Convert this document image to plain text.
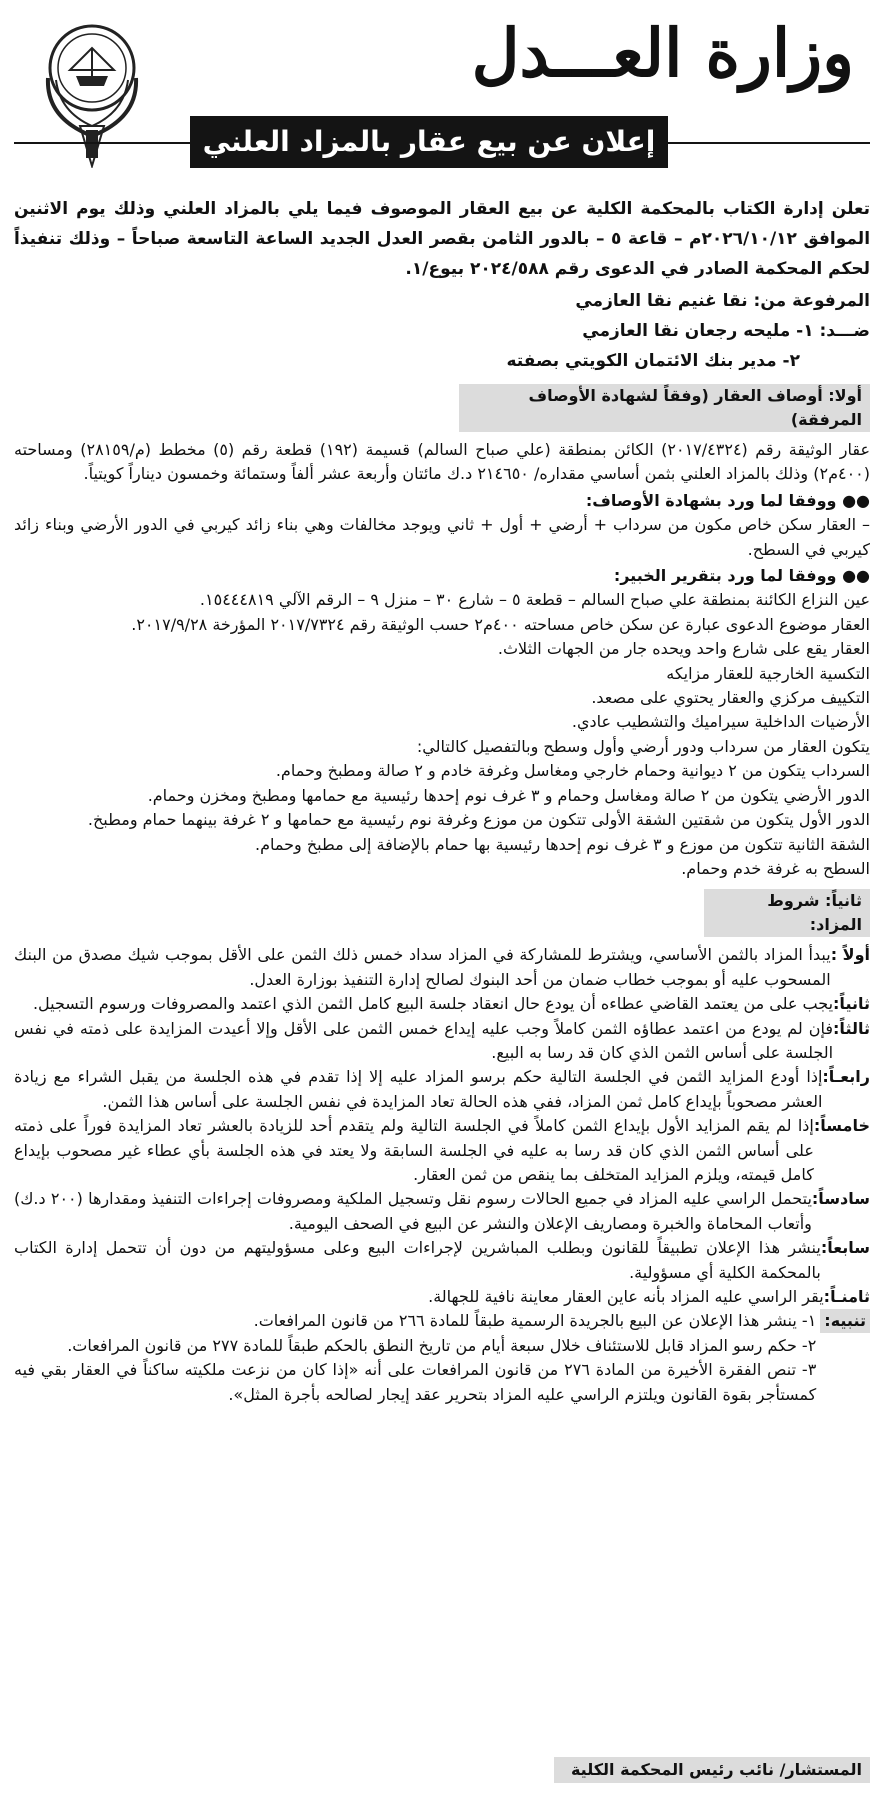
وزارة العـــدل
إعلان عن بيع عقار بالمزاد العلني
تعلن إدارة الكتاب بالمحكمة الكلية عن بيع العقار الموصوف فيما يلي بالمزاد العلني وذلك يوم الاثنين الموافق ٢٠٢٦/١٠/١٢م – قاعة ٥ – بالدور الثامن بقصر العدل الجديد الساعة التاسعة صباحاً – وذلك تنفيذاً لحكم المحكمة الصادر في الدعوى رقم ٢٠٢٤/٥٨٨ بيوع/١.
المرفوعة من: نقا غنيم نقا العازمي
ضـــد: ١- مليحه رجعان نقا العازمي
٢- مدير بنك الائتمان الكويتي بصفته
أولا: أوصاف العقار (وفقاً لشهادة الأوصاف المرفقة)

عقار الوثيقة رقم (٢٠١٧/٤٣٢٤) الكائن بمنطقة (علي صباح السالم) قسيمة (١٩٢) قطعة رقم (٥) مخطط (م/٢٨١٥٩) ومساحته (٤٠٠م٢) وذلك بالمزاد العلني بثمن أساسي مقداره/ ٢١٤٦٥٠ د.ك مائتان وأربعة عشر ألفاً وستمائة وخمسون ديناراً كويتياً.

●● ووفقا لما ورد بشهادة الأوصاف:

– العقار سكن خاص مكون من سرداب + أرضي + أول + ثاني ويوجد مخالفات وهي بناء زائد كيربي في الدور الأرضي وبناء زائد كيربي في السطح.

●● ووفقا لما ورد بتقرير الخبير:

عين النزاع الكائنة بمنطقة علي صباح السالم – قطعة ٥ – شارع ٣٠ – منزل ٩ – الرقم الآلي ١٥٤٤٤٨١٩.

العقار موضوع الدعوى عبارة عن سكن خاص مساحته ٤٠٠م٢ حسب الوثيقة رقم ٢٠١٧/٧٣٢٤ المؤرخة ٢٠١٧/٩/٢٨.

العقار يقع على شارع واحد ويحده جار من الجهات الثلاث.

التكسية الخارجية للعقار مزايكه

التكييف مركزي والعقار يحتوي على مصعد.

الأرضيات الداخلية سيراميك والتشطيب عادي.

يتكون العقار من سرداب ودور أرضي وأول وسطح وبالتفصيل كالتالي:

السرداب يتكون من ٢ ديوانية وحمام خارجي ومغاسل وغرفة خادم و ٢ صالة ومطبخ وحمام.

الدور الأرضي يتكون من ٢ صالة ومغاسل وحمام و ٣ غرف نوم إحدها رئيسية مع حمامها ومطبخ ومخزن وحمام.

الدور الأول يتكون من شقتين الشقة الأولى تتكون من موزع وغرفة نوم رئيسية مع حمامها و ٢ غرفة بينهما حمام ومطبخ.

الشقة الثانية تتكون من موزع و ٣ غرف نوم إحدها رئيسية بها حمام بالإضافة إلى مطبخ وحمام.

السطح به غرفة خدم وحمام.

ثانياً: شروط المزاد:
أولاً :
يبدأ المزاد بالثمن الأساسي، ويشترط للمشاركة في المزاد سداد خمس ذلك الثمن على الأقل بموجب شيك مصدق من البنك المسحوب عليه أو بموجب خطاب ضمان من أحد البنوك لصالح إدارة التنفيذ بوزارة العدل.
ثانياً:
يجب على من يعتمد القاضي عطاءه أن يودع حال انعقاد جلسة البيع كامل الثمن الذي اعتمد والمصروفات ورسوم التسجيل.
ثالثاً:
فإن لم يودع من اعتمد عطاؤه الثمن كاملاً وجب عليه إيداع خمس الثمن على الأقل وإلا أعيدت المزايدة على ذمته في نفس الجلسة على أساس الثمن الذي كان قد رسا به البيع.
رابعـاً:
إذا أودع المزايد الثمن في الجلسة التالية حكم برسو المزاد عليه إلا إذا تقدم في هذه الجلسة من يقبل الشراء مع زيادة العشر مصحوباً بإيداع كامل ثمن المزاد، ففي هذه الحالة تعاد المزايدة في نفس الجلسة على أساس هذا الثمن.
خامساً:
إذا لم يقم المزايد الأول بإيداع الثمن كاملاً في الجلسة التالية ولم يتقدم أحد للزيادة بالعشر تعاد المزايدة فوراً على ذمته على أساس الثمن الذي كان قد رسا به عليه في الجلسة السابقة ولا يعتد في هذه الجلسة بأي عطاء غير مصحوب بإيداع كامل قيمته، ويلزم المزايد المتخلف بما ينقص من ثمن العقار.
سادساً:
يتحمل الراسي عليه المزاد في جميع الحالات رسوم نقل وتسجيل الملكية ومصروفات إجراءات التنفيذ ومقدارها (٢٠٠ د.ك) وأتعاب المحاماة والخبرة ومصاريف الإعلان والنشر عن البيع في الصحف اليومية.
سابعاً:
ينشر هذا الإعلان تطبيقاً للقانون وبطلب المباشرين لإجراءات البيع وعلى مسؤوليتهم من دون أن تتحمل إدارة الكتاب بالمحكمة الكلية أي مسؤولية.
ثامنـاً:
يقر الراسي عليه المزاد بأنه عاين العقار معاينة نافية للجهالة.
تنبيه:
١- ينشر هذا الإعلان عن البيع بالجريدة الرسمية طبقاً للمادة ٢٦٦ من قانون المرافعات.
٢- حكم رسو المزاد قابل للاستئناف خلال سبعة أيام من تاريخ النطق بالحكم طبقاً للمادة ٢٧٧ من قانون المرافعات.
٣- تنص الفقرة الأخيرة من المادة ٢٧٦ من قانون المرافعات على أنه «إذا كان من نزعت ملكيته ساكناً في العقار بقي فيه كمستأجر بقوة القانون ويلتزم الراسي عليه المزاد بتحرير عقد إيجار لصالحه بأجرة المثل».
المستشار/ نائب رئيس المحكمة الكلية
